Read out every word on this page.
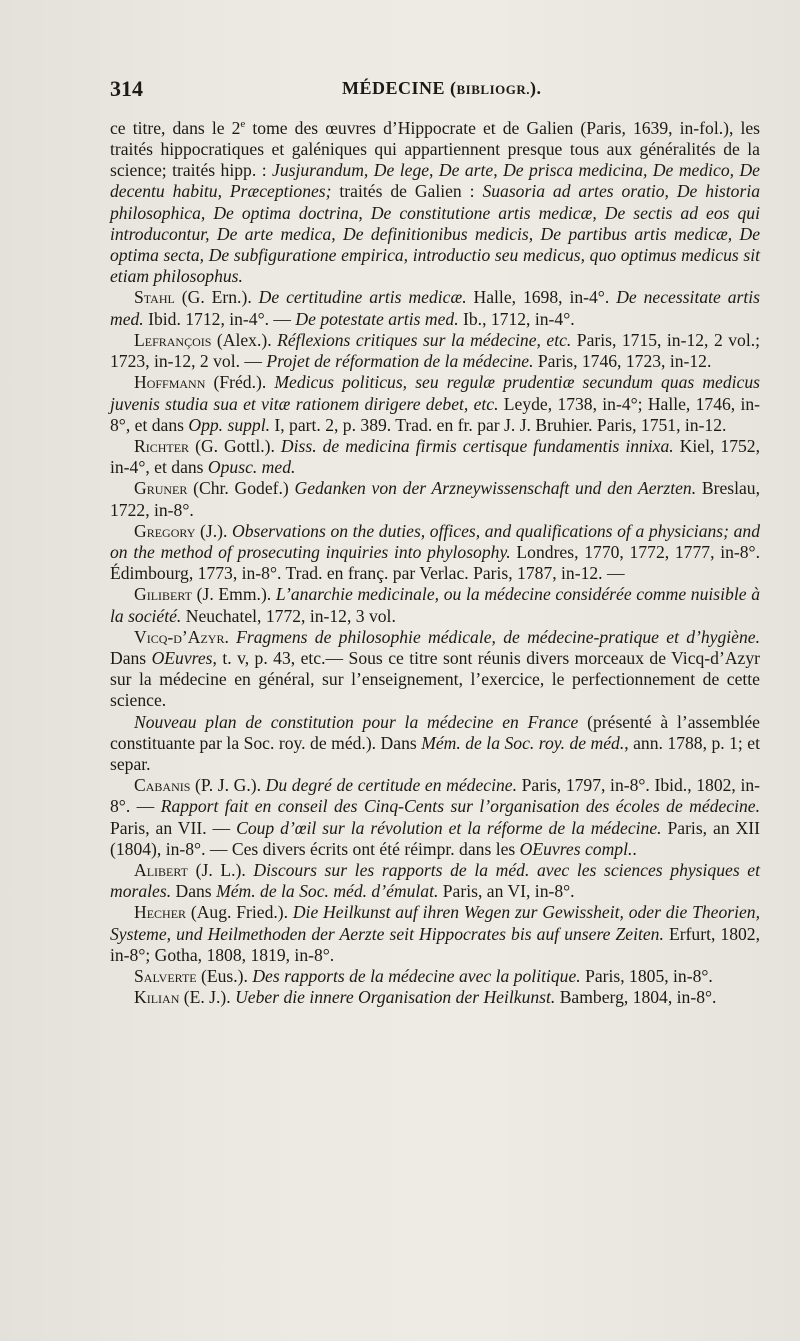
314	MÉDECINE (BIBLIOGR.).

ce titre, dans le 2e tome des œuvres d’Hippocrate et de Galien (Paris, 1639, in-fol.), les traités hippocratiques et galéniques qui appartiennent presque tous aux généralités de la science; traités hipp. : Jusjurandum, De lege, De arte, De prisca medicina, De medico, De decentu habitu, Præceptiones; traités de Galien : Suasoria ad artes oratio, De historia philosophica, De optima doctrina, De constitutione artis medicæ, De sectis ad eos qui introducontur, De arte medica, De definitionibus medicis, De partibus artis medicæ, De optima secta, De subfiguratione empirica, introductio seu medicus, quo optimus medicus sit etiam philosophus.

Stahl (G. Ern.). De certitudine artis medicæ. Halle, 1698, in-4°. De necessitate artis med. Ibid. 1712, in-4°. — De potestate artis med. Ib., 1712, in-4°.

Lefrançois (Alex.). Réflexions critiques sur la médecine, etc. Paris, 1715, in-12, 2 vol.; 1723, in-12, 2 vol. — Projet de réformation de la médecine. Paris, 1746, 1723, in-12.

Hoffmann (Fréd.). Medicus politicus, seu regulæ prudentiæ secundum quas medicus juvenis studia sua et vitæ rationem dirigere debet, etc. Leyde, 1738, in-4°; Halle, 1746, in-8°, et dans Opp. suppl. I, part. 2, p. 389. Trad. en fr. par J. J. Bruhier. Paris, 1751, in-12.

Richter (G. Gottl.). Diss. de medicina firmis certisque fundamentis innixa. Kiel, 1752, in-4°, et dans Opusc. med.

Gruner (Chr. Godef.) Gedanken von der Arzneywissenschaft und den Aerzten. Breslau, 1722, in-8°.

Gregory (J.). Observations on the duties, offices, and qualifications of a physicians; and on the method of prosecuting inquiries into phylosophy. Londres, 1770, 1772, 1777, in-8°. Édimbourg, 1773, in-8°. Trad. en franç. par Verlac. Paris, 1787, in-12. —

Gilibert (J. Emm.). L’anarchie medicinale, ou la médecine considérée comme nuisible à la société. Neuchatel, 1772, in-12, 3 vol.

Vicq-d’Azyr. Fragmens de philosophie médicale, de médecine-pratique et d’hygiène. Dans OEuvres, t. v, p. 43, etc.— Sous ce titre sont réunis divers morceaux de Vicq-d’Azyr sur la médecine en général, sur l’enseignement, l’exercice, le perfectionnement de cette science.

Nouveau plan de constitution pour la médecine en France (présenté à l’assemblée constituante par la Soc. roy. de méd.). Dans Mém. de la Soc. roy. de méd., ann. 1788, p. 1; et separ.

Cabanis (P. J. G.). Du degré de certitude en médecine. Paris, 1797, in-8°. Ibid., 1802, in-8°. — Rapport fait en conseil des Cinq-Cents sur l’organisation des écoles de médecine. Paris, an VII. — Coup d’œil sur la révolution et la réforme de la médecine. Paris, an XII (1804), in-8°. — Ces divers écrits ont été réimpr. dans les OEuvres compl..

Alibert (J. L.). Discours sur les rapports de la méd. avec les sciences physiques et morales. Dans Mém. de la Soc. méd. d’émulat. Paris, an VI, in-8°.

Hecher (Aug. Fried.). Die Heilkunst auf ihren Wegen zur Gewissheit, oder die Theorien, Systeme, und Heilmethoden der Aerzte seit Hippocrates bis auf unsere Zeiten. Erfurt, 1802, in-8°; Gotha, 1808, 1819, in-8°.

Salverte (Eus.). Des rapports de la médecine avec la politique. Paris, 1805, in-8°.

Kilian (E. J.). Ueber die innere Organisation der Heilkunst. Bamberg, 1804, in-8°.
